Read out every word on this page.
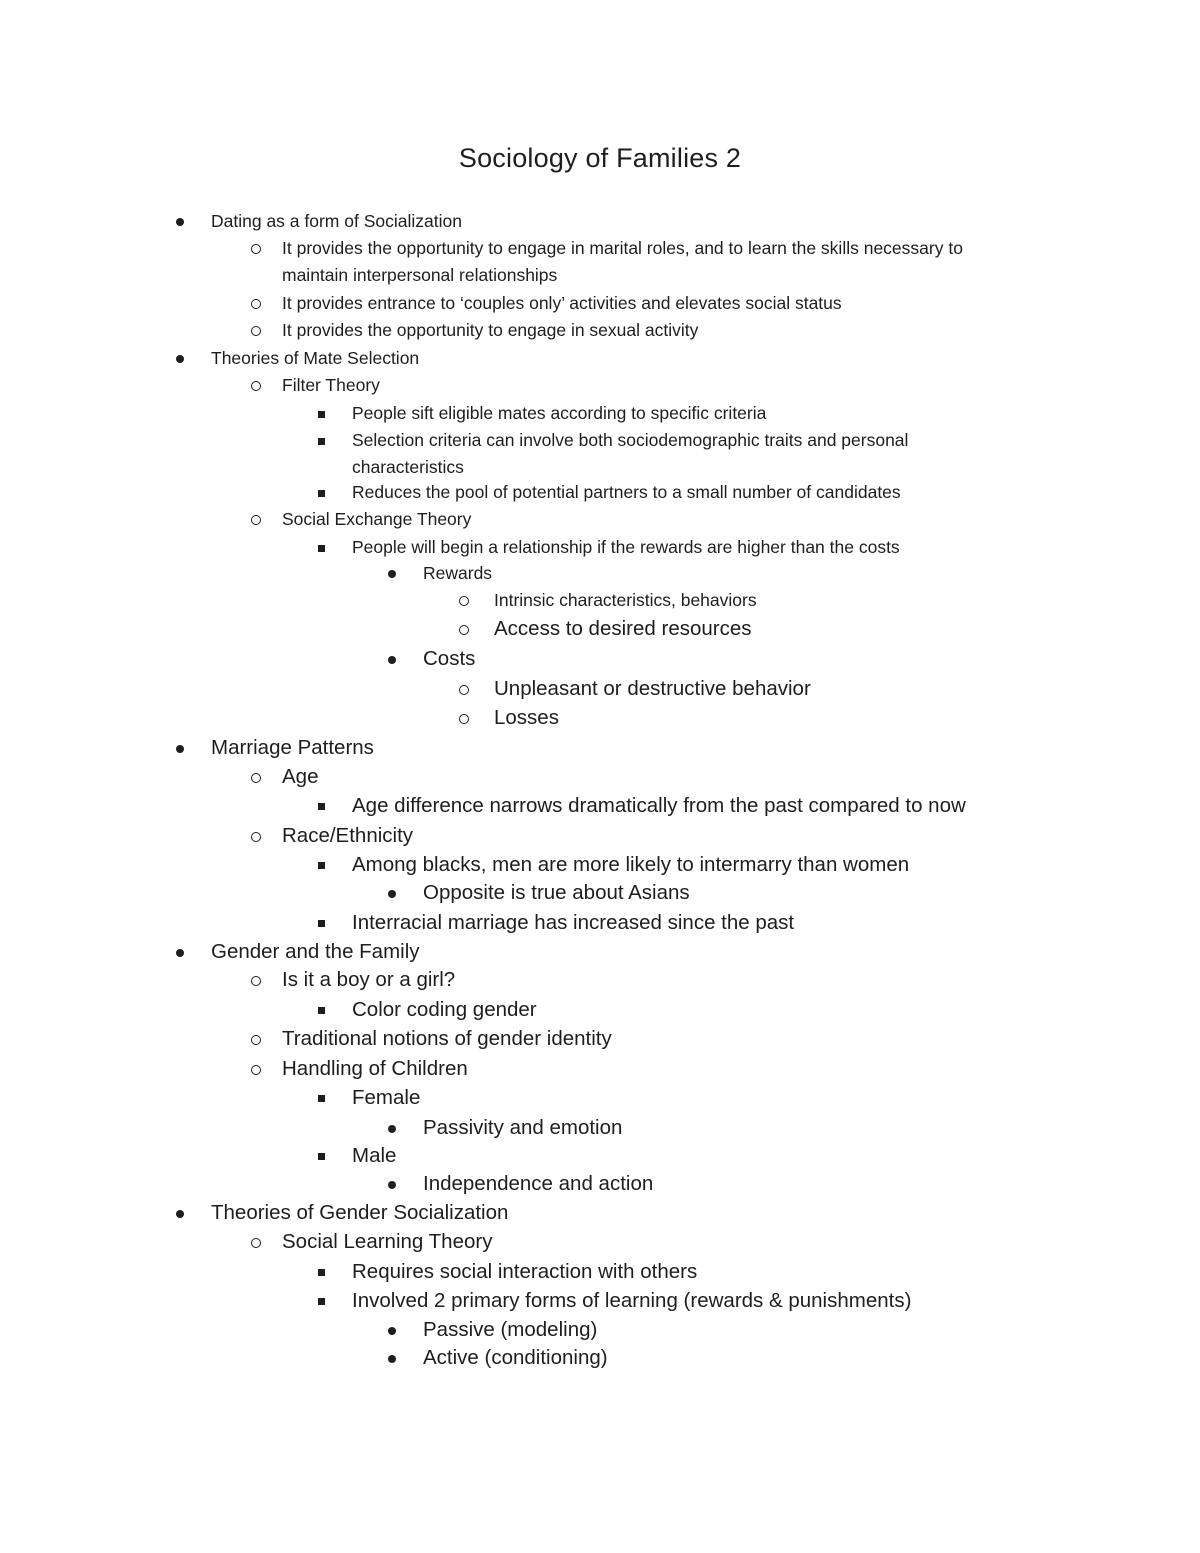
Sociology of Families 2
Dating as a form of Socialization
It provides the opportunity to engage in marital roles, and to learn the skills necessary to
maintain interpersonal relationships
It provides entrance to ‘couples only’ activities and elevates social status
It provides the opportunity to engage in sexual activity
Theories of Mate Selection
Filter Theory
People sift eligible mates according to specific criteria
Selection criteria can involve both sociodemographic traits and personal
characteristics
Reduces the pool of potential partners to a small number of candidates
Social Exchange Theory
People will begin a relationship if the rewards are higher than the costs
Rewards
Intrinsic characteristics, behaviors
Access to desired resources
Costs
Unpleasant or destructive behavior
Losses
Marriage Patterns
Age
Age difference narrows dramatically from the past compared to now
Race/Ethnicity
Among blacks, men are more likely to intermarry than women
Opposite is true about Asians
Interracial marriage has increased since the past
Gender and the Family
Is it a boy or a girl?
Color coding gender
Traditional notions of gender identity
Handling of Children
Female
Passivity and emotion
Male
Independence and action
Theories of Gender Socialization
Social Learning Theory
Requires social interaction with others
Involved 2 primary forms of learning (rewards & punishments)
Passive (modeling)
Active (conditioning)
